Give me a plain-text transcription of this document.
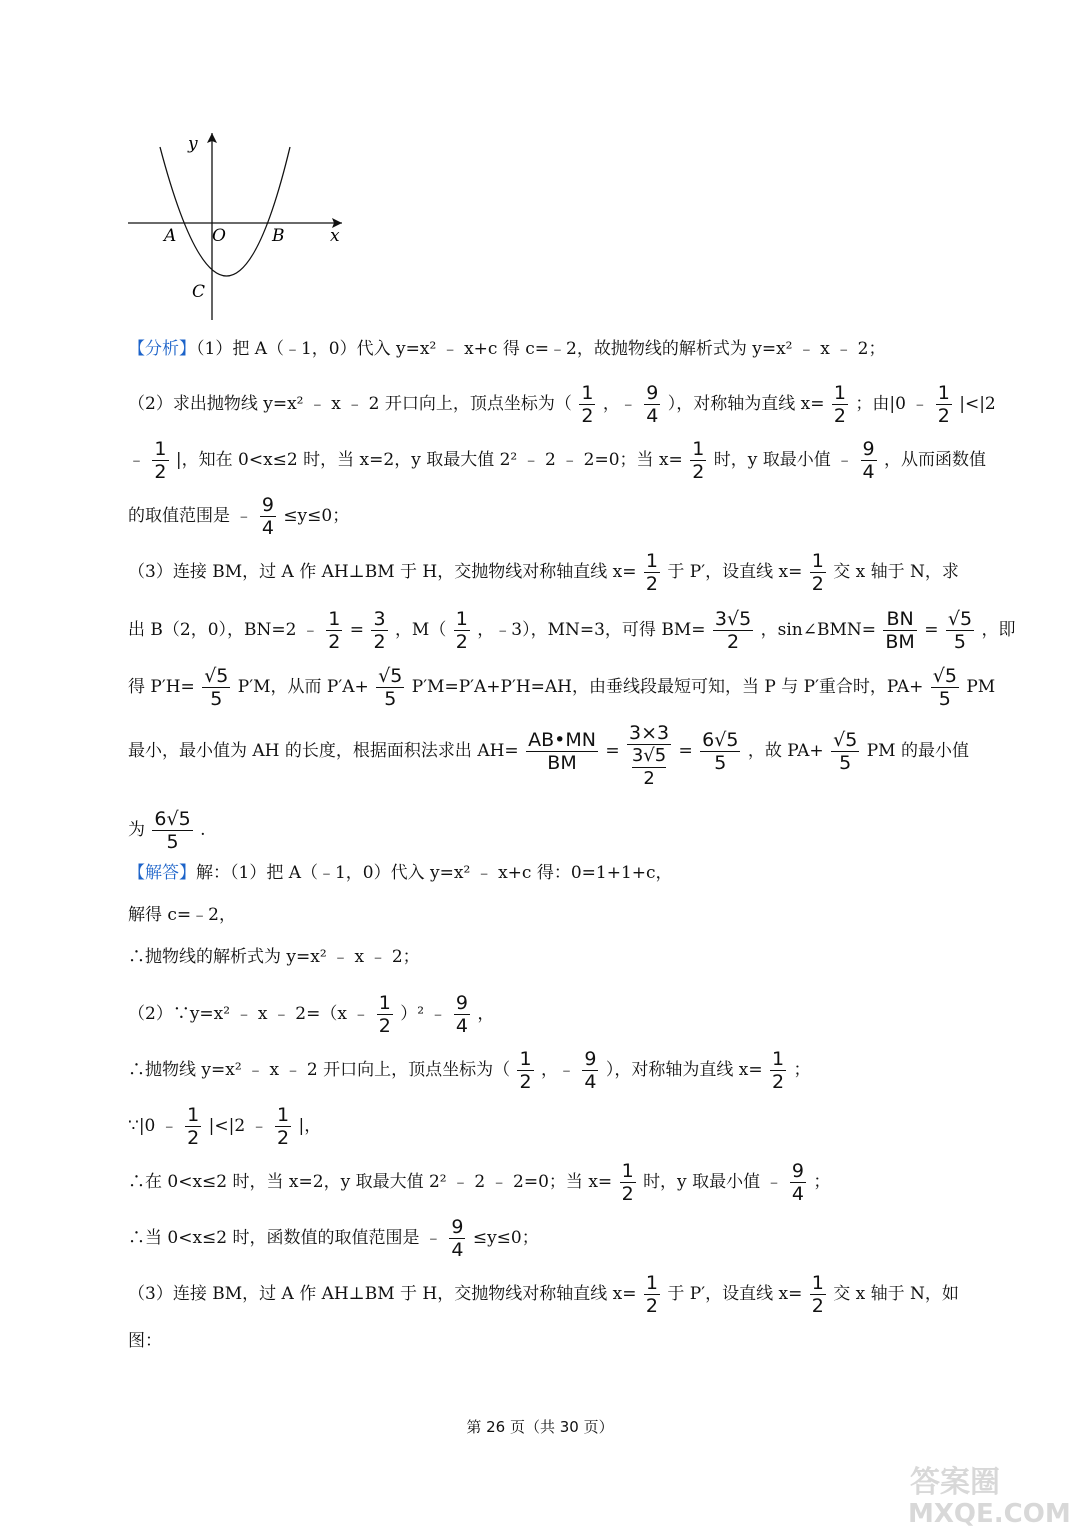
y
x
A O	B
C
【分析】（1）把 A（﹣1，0）代入 y=x² ﹣ x+c 得 c=﹣2，故抛物线的解析式为 y=x² ﹣ x ﹣ 2；
（2）求出抛物线 y=x² ﹣ x ﹣ 2 开口向上，顶点坐标为（ $\frac{1}{2}$ ，﹣ $\frac{9}{4}$ ），对称轴为直线 $x= \frac{1}{2}$ ；由|0 ﹣ $\frac{1}{2} |<|2$
﹣ $\frac{1}{2}$ |，知在 0<x≤2 时，当 x=2，y 取最大值 2² ﹣ 2 ﹣ 2=0；当 $x= \frac{1}{2}$ 时，y 取最小值 ﹣ $\frac{9}{4}$ ，从而函数值
的取值范围是 ﹣ $\frac{9}{4} \le y\le 0$；
（3）连接 BM，过 A 作 AH⊥BM 于 H，交抛物线对称轴直线 $x= \frac{1}{2}$ 于 P′，设直线 $x= \frac{1}{2}$ 交 x 轴于 N，求
出 B（2，0），BN=2 ﹣ $\frac{1}{2} = \frac{3}{2}$ ，$M( \frac{1}{2}$ ，﹣3），MN=3，可得 $BM= \frac{3√5}{2}$ ，sin∠BMN= $\frac{BN}{BM} = \frac{√5}{5}$ ，即
得 $P'H= \frac{√5}{5} P'M$，从而 $P'A+ \frac{√5}{5} P'M=P'A+P'H=AH$，由垂线段最短可知，当 P 与 P′重合时，$PA+ \frac{√5}{5}$ PM
最小，最小值为 AH 的长度，根据面积法求出 $AH= \frac{AB•MN}{BM} = \frac{3\times 3}{\frac{3√5}{2}} = \frac{6√5}{5}$ ，故 $PA+ \frac{√5}{5}$ PM 的最小值
为 $\frac{6√5}{5}$ .
【解答】解：（1）把 A（﹣1，0）代入 y=x² ﹣ x+c 得：0=1+1+c，
解得 c=﹣2，
∴抛物线的解析式为 y=x² ﹣ x ﹣ 2；
（2）∵y=x² ﹣ x ﹣ 2=（x ﹣ $\frac{1}{2} )^2$ ﹣ $\frac{9}{4}$ ，
∴抛物线 y=x² ﹣ x ﹣ 2 开口向上，顶点坐标为（ $\frac{1}{2}$ ，﹣ $\frac{9}{4}$ ），对称轴为直线 $x= \frac{1}{2}$ ；
∵|0 ﹣ $\frac{1}{2} |<|2$ ﹣ $\frac{1}{2}$ |，
∴在 0<x≤2 时，当 x=2，y 取最大值 2² ﹣ 2 ﹣ 2=0；当 $x= \frac{1}{2}$ 时，y 取最小值 ﹣ $\frac{9}{4}$ ；
∴当 0<x≤2 时，函数值的取值范围是 ﹣ $\frac{9}{4} \le y\le 0$；
（3）连接 BM，过 A 作 AH⊥BM 于 H，交抛物线对称轴直线 $x= \frac{1}{2}$ 于 P′，设直线 $x= \frac{1}{2}$ 交 x 轴于 N，如
图：
第 26 页（共 30 页）
答案圈
MXQE.COM
